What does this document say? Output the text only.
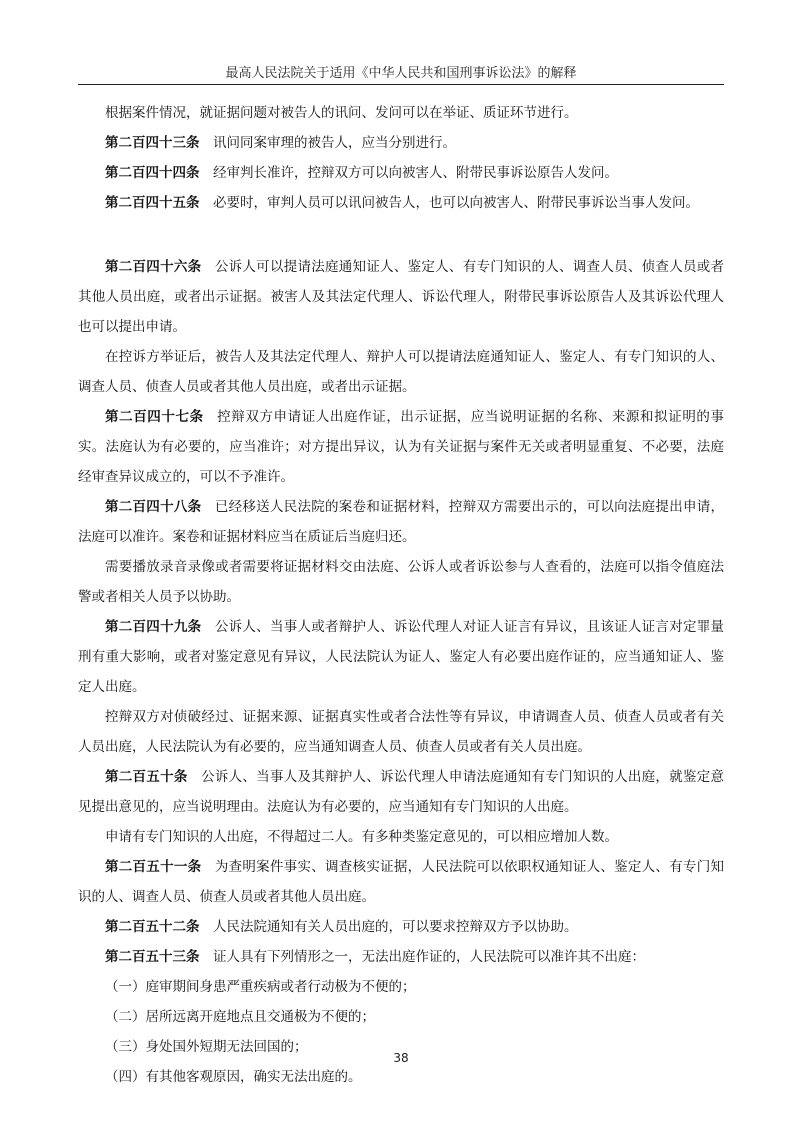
最高人民法院关于适用《中华人民共和国刑事诉讼法》的解释

根据案件情况，就证据问题对被告人的讯问、发问可以在举证、质证环节进行。

第二百四十三条 讯问同案审理的被告人，应当分别进行。

第二百四十四条 经审判长准许，控辩双方可以向被害人、附带民事诉讼原告人发问。

第二百四十五条 必要时，审判人员可以讯问被告人，也可以向被害人、附带民事诉讼当事人发问。

第二百四十六条 公诉人可以提请法庭通知证人、鉴定人、有专门知识的人、调查人员、侦查人员或者其他人员出庭，或者出示证据。被害人及其法定代理人、诉讼代理人，附带民事诉讼原告人及其诉讼代理人也可以提出申请。

在控诉方举证后，被告人及其法定代理人、辩护人可以提请法庭通知证人、鉴定人、有专门知识的人、调查人员、侦查人员或者其他人员出庭，或者出示证据。

第二百四十七条 控辩双方申请证人出庭作证，出示证据，应当说明证据的名称、来源和拟证明的事实。法庭认为有必要的，应当准许；对方提出异议，认为有关证据与案件无关或者明显重复、不必要，法庭经审查异议成立的，可以不予准许。

第二百四十八条 已经移送人民法院的案卷和证据材料，控辩双方需要出示的，可以向法庭提出申请，法庭可以准许。案卷和证据材料应当在质证后当庭归还。

需要播放录音录像或者需要将证据材料交由法庭、公诉人或者诉讼参与人查看的，法庭可以指令值庭法警或者相关人员予以协助。

第二百四十九条 公诉人、当事人或者辩护人、诉讼代理人对证人证言有异议，且该证人证言对定罪量刑有重大影响，或者对鉴定意见有异议，人民法院认为证人、鉴定人有必要出庭作证的，应当通知证人、鉴定人出庭。

控辩双方对侦破经过、证据来源、证据真实性或者合法性等有异议，申请调查人员、侦查人员或者有关人员出庭，人民法院认为有必要的，应当通知调查人员、侦查人员或者有关人员出庭。

第二百五十条 公诉人、当事人及其辩护人、诉讼代理人申请法庭通知有专门知识的人出庭，就鉴定意见提出意见的，应当说明理由。法庭认为有必要的，应当通知有专门知识的人出庭。

申请有专门知识的人出庭，不得超过二人。有多种类鉴定意见的，可以相应增加人数。

第二百五十一条 为查明案件事实、调查核实证据，人民法院可以依职权通知证人、鉴定人、有专门知识的人、调查人员、侦查人员或者其他人员出庭。

第二百五十二条 人民法院通知有关人员出庭的，可以要求控辩双方予以协助。

第二百五十三条 证人具有下列情形之一，无法出庭作证的，人民法院可以准许其不出庭：

（一）庭审期间身患严重疾病或者行动极为不便的；

（二）居所远离开庭地点且交通极为不便的；

（三）身处国外短期无法回国的；

（四）有其他客观原因，确实无法出庭的。

38
